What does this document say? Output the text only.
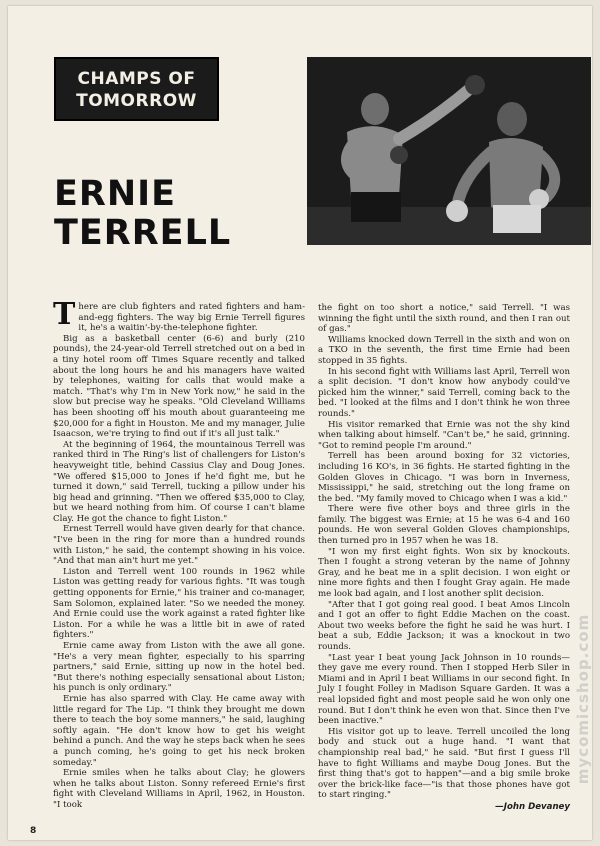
CHAMPS OF
TOMORROW
ERNIE
TERRELL

There are club fighters and rated fighters and ham-and-egg fighters. The way big Ernie Terrell figures it, he's a waitin'-by-the-telephone fighter.

Big as a basketball center (6-6) and burly (210 pounds), the 24-year-old Terrell stretched out on a bed in a tiny hotel room off Times Square recently and talked about the long hours he and his managers have waited by telephones, waiting for calls that would make a match. "That's why I'm in New York now," he said in the slow but precise way he speaks. "Old Cleveland Williams has been shooting off his mouth about guaranteeing me $20,000 for a fight in Houston. Me and my manager, Julie Isaacson, we're trying to find out if it's all just talk."

At the beginning of 1964, the mountainous Terrell was ranked third in The Ring's list of challengers for Liston's heavyweight title, behind Cassius Clay and Doug Jones. "We offered $15,000 to Jones if he'd fight me, but he turned it down," said Terrell, tucking a pillow under his big head and grinning. "Then we offered $35,000 to Clay, but we heard nothing from him. Of course I can't blame Clay. He got the chance to fight Liston."

Ernest Terrell would have given dearly for that chance. "I've been in the ring for more than a hundred rounds with Liston," he said, the contempt showing in his voice. "And that man ain't hurt me yet."

Liston and Terrell went 100 rounds in 1962 while Liston was getting ready for various fights. "It was tough getting opponents for Ernie," his trainer and co-manager, Sam Solomon, explained later. "So we needed the money. And Ernie could use the work against a rated fighter like Liston. For a while he was a little bit in awe of rated fighters."

Ernie came away from Liston with the awe all gone. "He's a very mean fighter, especially to his sparring partners," said Ernie, sitting up now in the hotel bed. "But there's nothing especially sensational about Liston; his punch is only ordinary."

Ernie has also sparred with Clay. He came away with little regard for The Lip. "I think they brought me down there to teach the boy some manners," he said, laughing softly again. "He don't know how to get his weight behind a punch. And the way he steps back when he sees a punch coming, he's going to get his neck broken someday."

Ernie smiles when he talks about Clay; he glowers when he talks about Liston. Sonny refereed Ernie's first fight with Cleveland Williams in April, 1962, in Houston. "I took

the fight on too short a notice," said Terrell. "I was winning the fight until the sixth round, and then I ran out of gas."

Williams knocked down Terrell in the sixth and won on a TKO in the seventh, the first time Ernie had been stopped in 35 fights.

In his second fight with Williams last April, Terrell won a split decision. "I don't know how anybody could've picked him the winner," said Terrell, coming back to the bed. "I looked at the films and I don't think he won three rounds."

His visitor remarked that Ernie was not the shy kind when talking about himself. "Can't be," he said, grinning. "Got to remind people I'm around."

Terrell has been around boxing for 32 victories, including 16 KO's, in 36 fights. He started fighting in the Golden Gloves in Chicago. "I was born in Inverness, Mississippi," he said, stretching out the long frame on the bed. "My family moved to Chicago when I was a kid."

There were five other boys and three girls in the family. The biggest was Ernie; at 15 he was 6-4 and 160 pounds. He won several Golden Gloves championships, then turned pro in 1957 when he was 18.

"I won my first eight fights. Won six by knockouts. Then I fought a strong veteran by the name of Johnny Gray, and he beat me in a split decision. I won eight or nine more fights and then I fought Gray again. He made me look bad again, and I lost another split decision.

"After that I got going real good. I beat Amos Lincoln and I got an offer to fight Eddie Machen on the coast. About two weeks before the fight he said he was hurt. I beat a sub, Eddie Jackson; it was a knockout in two rounds.

"Last year I beat young Jack Johnson in 10 rounds—they gave me every round. Then I stopped Herb Siler in Miami and in April I beat Williams in our second fight. In July I fought Folley in Madison Square Garden. It was a real lopsided fight and most people said he won only one round. But I don't think he even won that. Since then I've been inactive."

His visitor got up to leave. Terrell uncoiled the long body and stuck out a huge hand. "I want that championship real bad," he said. "But first I guess I'll have to fight Williams and maybe Doug Jones. But the first thing that's got to happen"—and a big smile broke over the brick-like face—"is that those phones have got to start ringing."

—John Devaney
8
mycomicshop.com
